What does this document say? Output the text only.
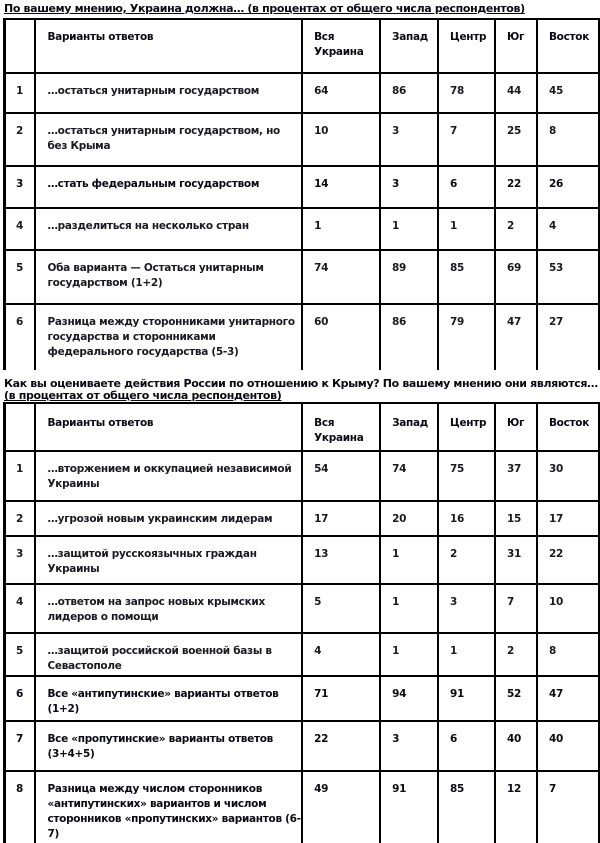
По вашему мнению, Украина должна… (в процентах от общего числа респондентов)
	Варианты ответов	Вся Украина	Запад	Центр	Юг	Восток
1	…остаться унитарным государством	64	86	78	44	45
2	…остаться унитарным государством, но без Крыма	10	3	7	25	8
3	…стать федеральным государством	14	3	6	22	26
4	…разделиться на несколько стран	1	1	1	2	4
5	Оба варианта — Остаться унитарным государством (1+2)	74	89	85	69	53
6	Разница между сторонниками унитарного государства и сторонниками федерального государства (5-3)	60	86	79	47	27
Как вы оцениваете действия России по отношению к Крыму? По вашему мнению они являются…
(в процентах от общего числа респондентов)
	Варианты ответов	Вся Украина	Запад	Центр	Юг	Восток
1	…вторжением и оккупацией независимой Украины	54	74	75	37	30
2	…угрозой новым украинским лидерам	17	20	16	15	17
3	…защитой русскоязычных граждан Украины	13	1	2	31	22
4	…ответом на запрос новых крымских лидеров о помощи	5	1	3	7	10
5	…защитой российской военной базы в Севастополе	4	1	1	2	8
6	Все «антипутинские» варианты ответов (1+2)	71	94	91	52	47
7	Все «пропутинские» варианты ответов (3+4+5)	22	3	6	40	40
8	Разница между числом сторонников «антипутинских» вариантов и числом сторонников «пропутинских» вариантов (6-7)	49	91	85	12	7
